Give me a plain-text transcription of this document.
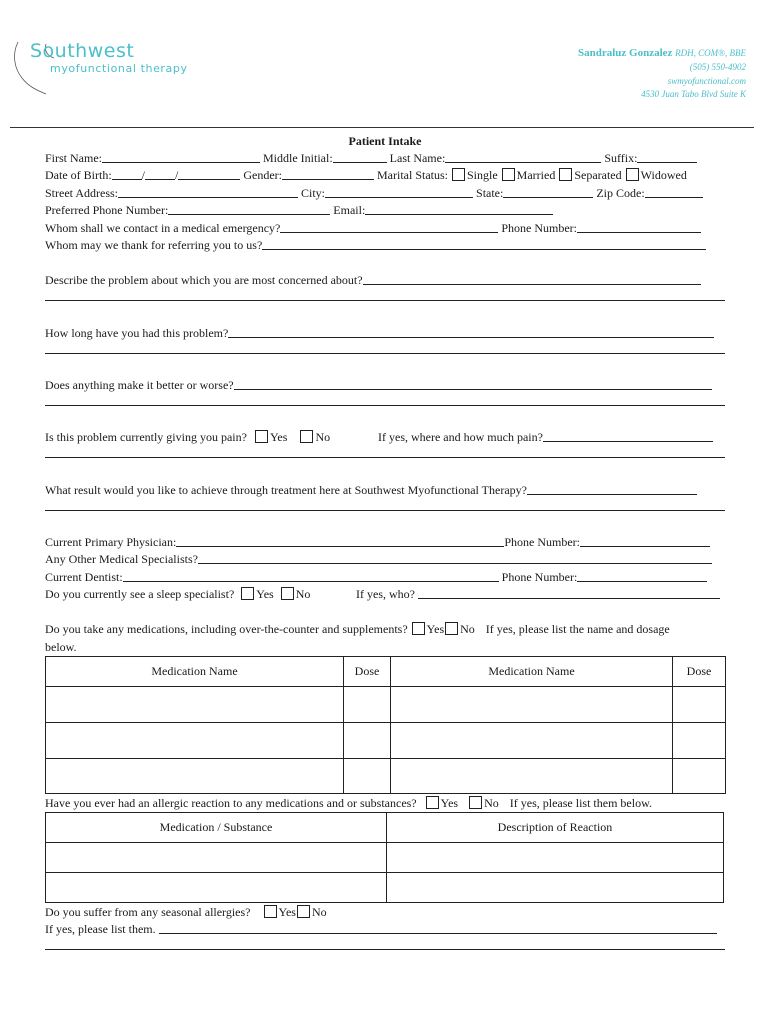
Southwest
myofunctional therapy
Sandraluz Gonzalez RDH, COM®, BBE
(505) 550-4902
swmyofunctional.com
4530 Juan Tabo Blvd Suite K
Patient Intake
First Name:	Middle Initial:	Last Name:	Suffix:
Date of Birth:	/	/	Gender:	Marital Status: Single Married Separated Widowed
Street Address:	City:	State:	Zip Code:
Preferred Phone Number:	Email:
Whom shall we contact in a medical emergency?	Phone Number:
Whom may we thank for referring you to us?
Describe the problem about which you are most concerned about?
How long have you had this problem?
Does anything make it better or worse?
Is this problem currently giving you pain? Yes No	If yes, where and how much pain?
What result would you like to achieve through treatment here at Southwest Myofunctional Therapy?
Current Primary Physician:	Phone Number:
Any Other Medical Specialists?
Current Dentist:	Phone Number:
Do you currently see a sleep specialist? Yes No	If yes, who?
Do you take any medications, including over-the-counter and supplements? Yes No If yes, please list the name and dosage
below.
Medication Name	Dose	Medication Name	Dose

Have you ever had an allergic reaction to any medications and or substances? Yes No If yes, please list them below.
Medication / Substance	Description of Reaction

Do you suffer from any seasonal allergies? Yes No
If yes, please list them.
